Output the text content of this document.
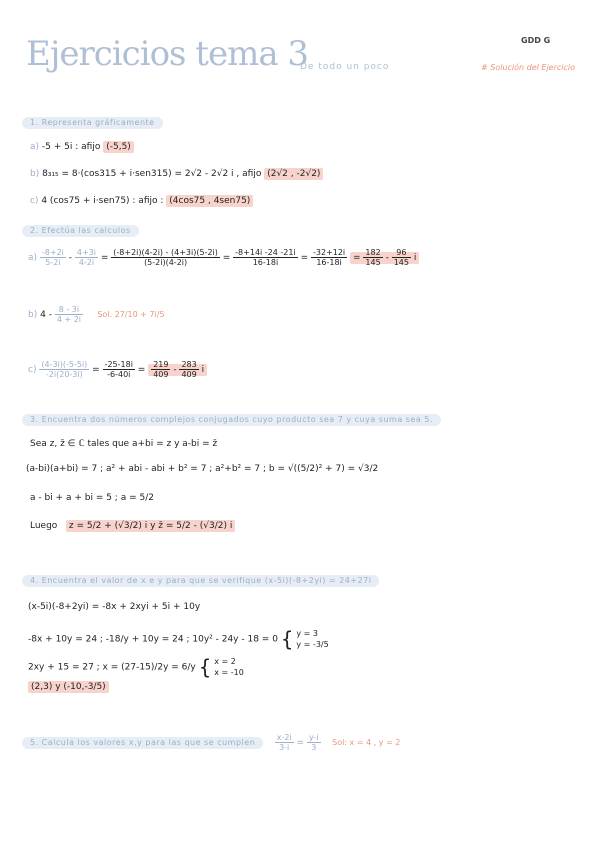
Ejercicios tema 3
De todo un poco
GDD G
# Solución del Ejercicio
1. Representa gráficamente
a) -5 + 5i : afijo (-5,5)
b) 8₃₁₅ = 8·(cos315 + i·sen315) = 2√2 - 2√2 i , afijo (2√2 , -2√2)
c) 4 (cos75 + i·sen75) : afijo : (4cos75 , 4sen75)
2. Efectúa las calculos
$a) \frac{-8+2i}{5-2i} - \frac{4+3i}{4-2i} = \frac{(-8+2i)(4-2i) - (4+3i)(5-2i)}{(5-2i)(4-2i)} = \frac{-8+14i -24 -21i}{16-18i} = \frac{-32+12i}{16-18i} = \frac{182}{145} - \frac{96}{145}$ i
b) $4 - \frac{8 - 3i}{4 + 2i}$ Sol. 27/10 + 7i/5
$c) \frac{(4-3i)(-5-5i)}{-2i(20-3i)} = \frac{-25-18i}{-6-40i} = \frac{219}{409} - \frac{283}{409}$ i
3. Encuentra dos números complejos conjugados cuyo producto sea 7 y cuya suma sea 5.
Sea z, z̄ ∈ ℂ tales que a+bi = z y a-bi = z̄
(a-bi)(a+bi) = 7 ; a² + abi - abi + b² = 7 ; a²+b² = 7 ; b = √((5/2)² + 7) = √3/2
a - bi + a + bi = 5 ; a = 5/2
Luego z = 5/2 + (√3/2) i y z̄ = 5/2 - (√3/2) i
4. Encuentra el valor de x e y para que se verifique (x-5i)(-8+2yi) = 24+27i
(x-5i)(-8+2yi) = -8x + 2xyi + 5i + 10y
-8x + 10y = 24 ; -18/y + 10y = 24 ; 10y² - 24y - 18 = 0 { y = 3
y = -3/5
2xy + 15 = 27 ; x = (27-15)/2y = 6/y { x = 2
x = -10
(2,3) y (-10,-3/5)
5. Calcula los valores x,y para las que se cumplen $\frac{x-2i}{3-i} = \frac{y-i}{3}$ Sol: x = 4 , y = 2
